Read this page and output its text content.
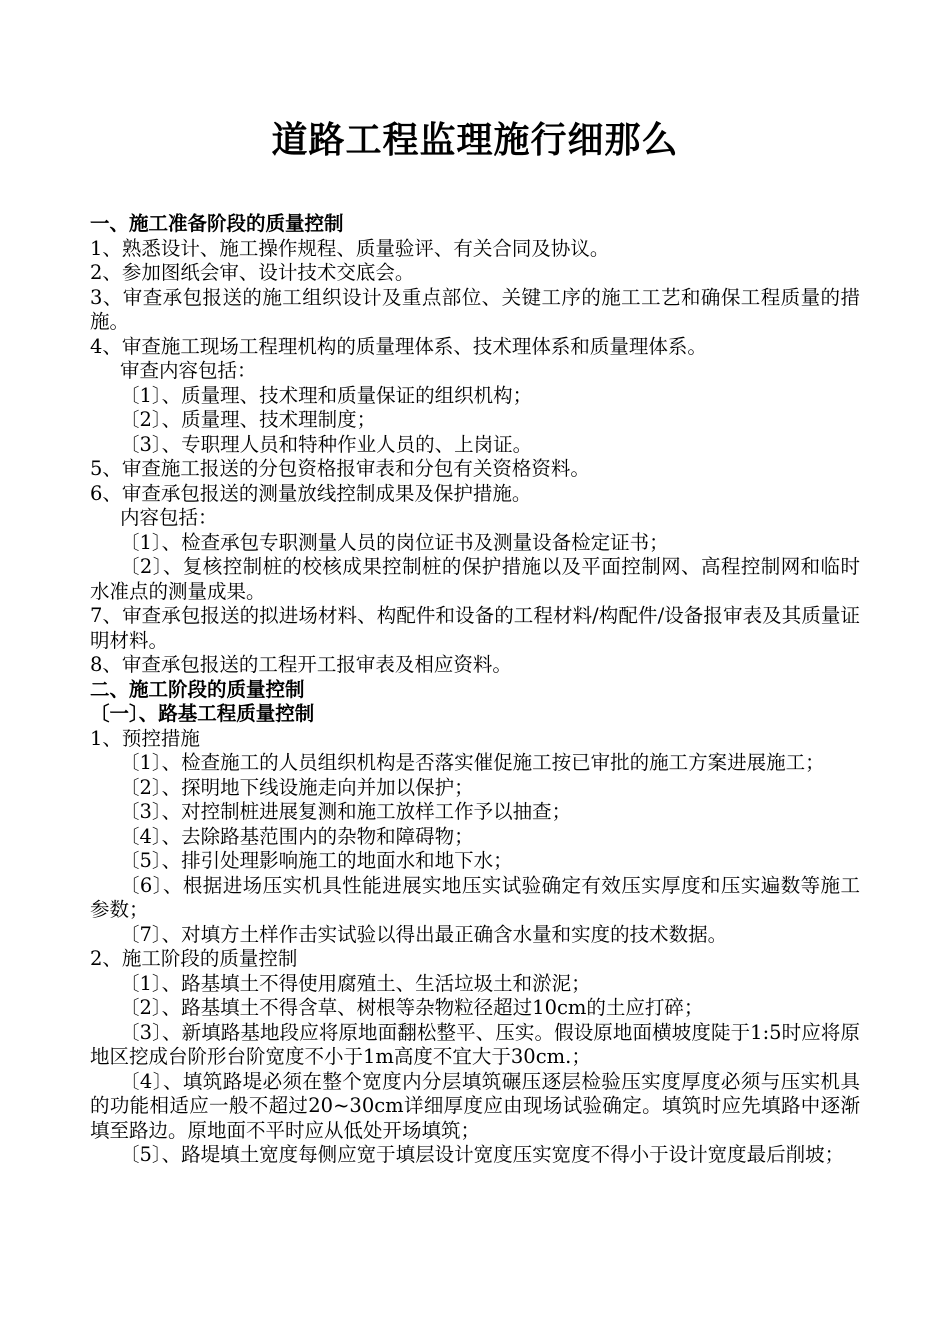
道路工程监理施行细那么
一、施工准备阶段的质量控制
1、熟悉设计、施工操作规程、质量验评、有关合同及协议。
2、参加图纸会审、设计技术交底会。
3、审查承包报送的施工组织设计及重点部位、关键工序的施工工艺和确保工程质量的措施。
4、审查施工现场工程理机构的质量理体系、技术理体系和质量理体系。
审查内容包括：
〔1〕、质量理、技术理和质量保证的组织机构；
〔2〕、质量理、技术理制度；
〔3〕、专职理人员和特种作业人员的、上岗证。
5、审查施工报送的分包资格报审表和分包有关资格资料。
6、审查承包报送的测量放线控制成果及保护措施。
内容包括：
〔1〕、检查承包专职测量人员的岗位证书及测量设备检定证书；
〔2〕、复核控制桩的校核成果控制桩的保护措施以及平面控制网、高程控制网和临时水准点的测量成果。
7、审查承包报送的拟进场材料、构配件和设备的工程材料/构配件/设备报审表及其质量证明材料。
8、审查承包报送的工程开工报审表及相应资料。
二、施工阶段的质量控制
〔一〕、路基工程质量控制
1、预控措施
〔1〕、检查施工的人员组织机构是否落实催促施工按已审批的施工方案进展施工；
〔2〕、探明地下线设施走向并加以保护；
〔3〕、对控制桩进展复测和施工放样工作予以抽查；
〔4〕、去除路基范围内的杂物和障碍物；
〔5〕、排引处理影响施工的地面水和地下水；
〔6〕、根据进场压实机具性能进展实地压实试验确定有效压实厚度和压实遍数等施工参数；
〔7〕、对填方土样作击实试验以得出最正确含水量和实度的技术数据。
2、施工阶段的质量控制
〔1〕、路基填土不得使用腐殖土、生活垃圾土和淤泥；
〔2〕、路基填土不得含草、树根等杂物粒径超过10cm的土应打碎；
〔3〕、新填路基地段应将原地面翻松整平、压实。假设原地面横坡度陡于1:5时应将原地区挖成台阶形台阶宽度不小于1m高度不宜大于30cm.；
〔4〕、填筑路堤必须在整个宽度内分层填筑碾压逐层检验压实度厚度必须与压实机具的功能相适应一般不超过20~30cm详细厚度应由现场试验确定。填筑时应先填路中逐渐填至路边。原地面不平时应从低处开场填筑；
〔5〕、路堤填土宽度每侧应宽于填层设计宽度压实宽度不得小于设计宽度最后削坡；
